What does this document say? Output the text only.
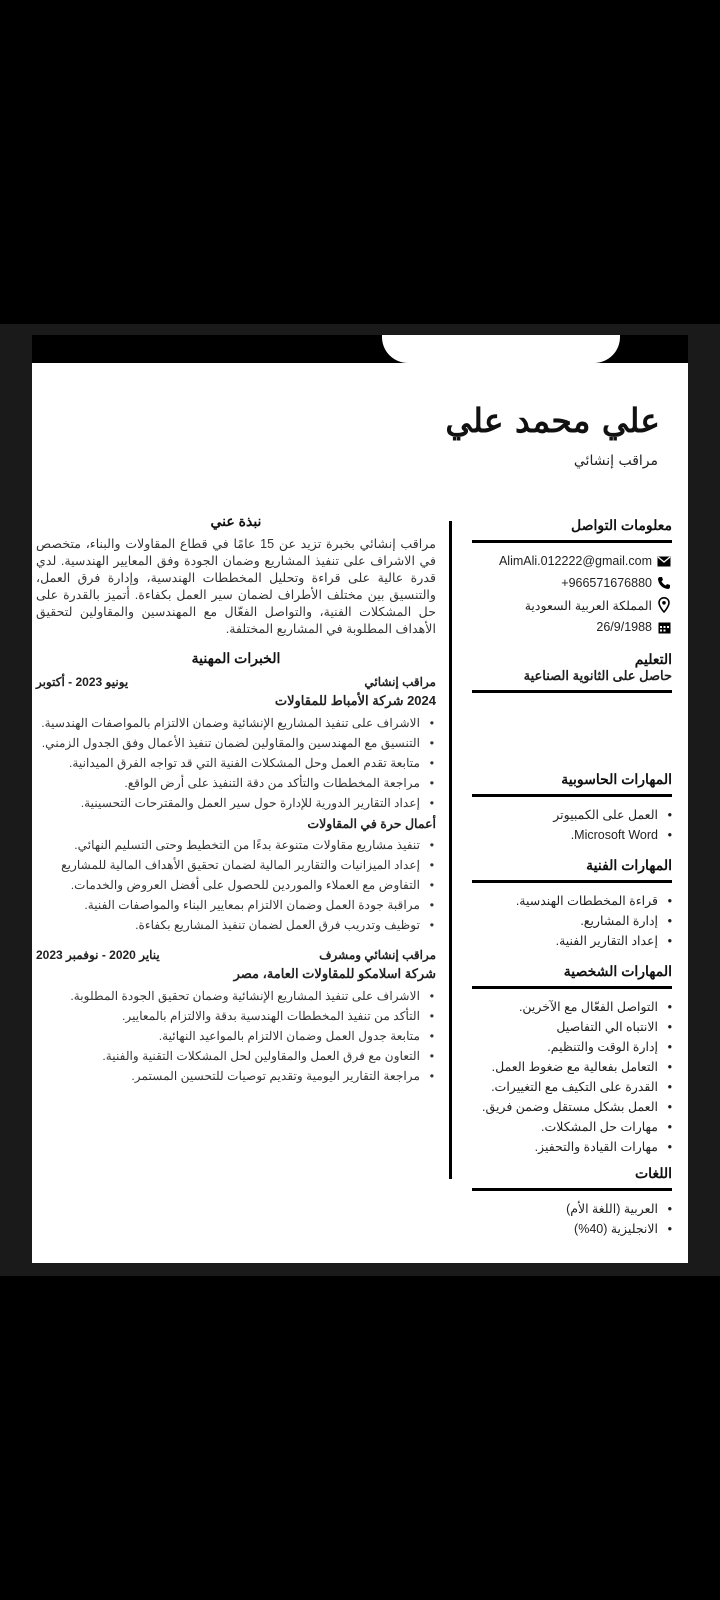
علي محمد علي
مراقب إنشائي
معلومات التواصل
AlimAli.012222@gmail.com
+966571676880
المملكة العربية السعودية
26/9/1988
التعليم
حاصل على الثانوية الصناعية
المهارات الحاسوبية
• العمل على الكمبيوتر
• Microsoft Word.
المهارات الفنية
• قراءة المخططات الهندسية.
• إدارة المشاريع.
• إعداد التقارير الفنية.
المهارات الشخصية
• التواصل الفعّال مع الآخرين.
• الانتباه الي التفاصيل
• إدارة الوقت والتنظيم.
• التعامل بفعالية مع ضغوط العمل.
• القدرة على التكيف مع التغييرات.
• العمل بشكل مستقل وضمن فريق.
• مهارات حل المشكلات.
• مهارات القيادة والتحفيز.
اللغات
• العربية (اللغة الأم)
• الانجليزية (40%)
نبذة عني
مراقب إنشائي بخبرة تزيد عن 15 عامًا في قطاع المقاولات والبناء، متخصص في الاشراف على تنفيذ المشاريع وضمان الجودة وفق المعايير الهندسية. لدي قدرة عالية على قراءة وتحليل المخططات الهندسية، وإدارة فرق العمل، والتنسيق بين مختلف الأطراف لضمان سير العمل بكفاءة. أتميز بالقدرة على حل المشكلات الفنية، والتواصل الفعّال مع المهندسين والمقاولين لتحقيق الأهداف المطلوبة في المشاريع المختلفة.
الخبرات المهنية
مراقب إنشائي
يونيو 2023 - أكتوبر
2024 شركة الأمباط للمقاولات
• الاشراف على تنفيذ المشاريع الإنشائية وضمان الالتزام بالمواصفات الهندسية.
• التنسيق مع المهندسين والمقاولين لضمان تنفيذ الأعمال وفق الجدول الزمني.
• متابعة تقدم العمل وحل المشكلات الفنية التي قد تواجه الفرق الميدانية.
• مراجعة المخططات والتأكد من دقة التنفيذ على أرض الواقع.
• إعداد التقارير الدورية للإدارة حول سير العمل والمقترحات التحسينية.
أعمال حرة في المقاولات
• تنفيذ مشاريع مقاولات متنوعة بدءًا من التخطيط وحتى التسليم النهائي.
• إعداد الميزانيات والتقارير المالية لضمان تحقيق الأهداف المالية للمشاريع
• التفاوض مع العملاء والموردين للحصول على أفضل العروض والخدمات.
• مراقبة جودة العمل وضمان الالتزام بمعايير البناء والمواصفات الفنية.
• توظيف وتدريب فرق العمل لضمان تنفيذ المشاريع بكفاءة.
مراقب إنشائي ومشرف
يناير 2020 - نوفمبر 2023
شركة اسلامكو للمقاولات العامة، مصر
• الاشراف على تنفيذ المشاريع الإنشائية وضمان تحقيق الجودة المطلوبة.
• التأكد من تنفيذ المخططات الهندسية بدقة والالتزام بالمعايير.
• متابعة جدول العمل وضمان الالتزام بالمواعيد النهائية.
• التعاون مع فرق العمل والمقاولين لحل المشكلات التقنية والفنية.
• مراجعة التقارير اليومية وتقديم توصيات للتحسين المستمر.
